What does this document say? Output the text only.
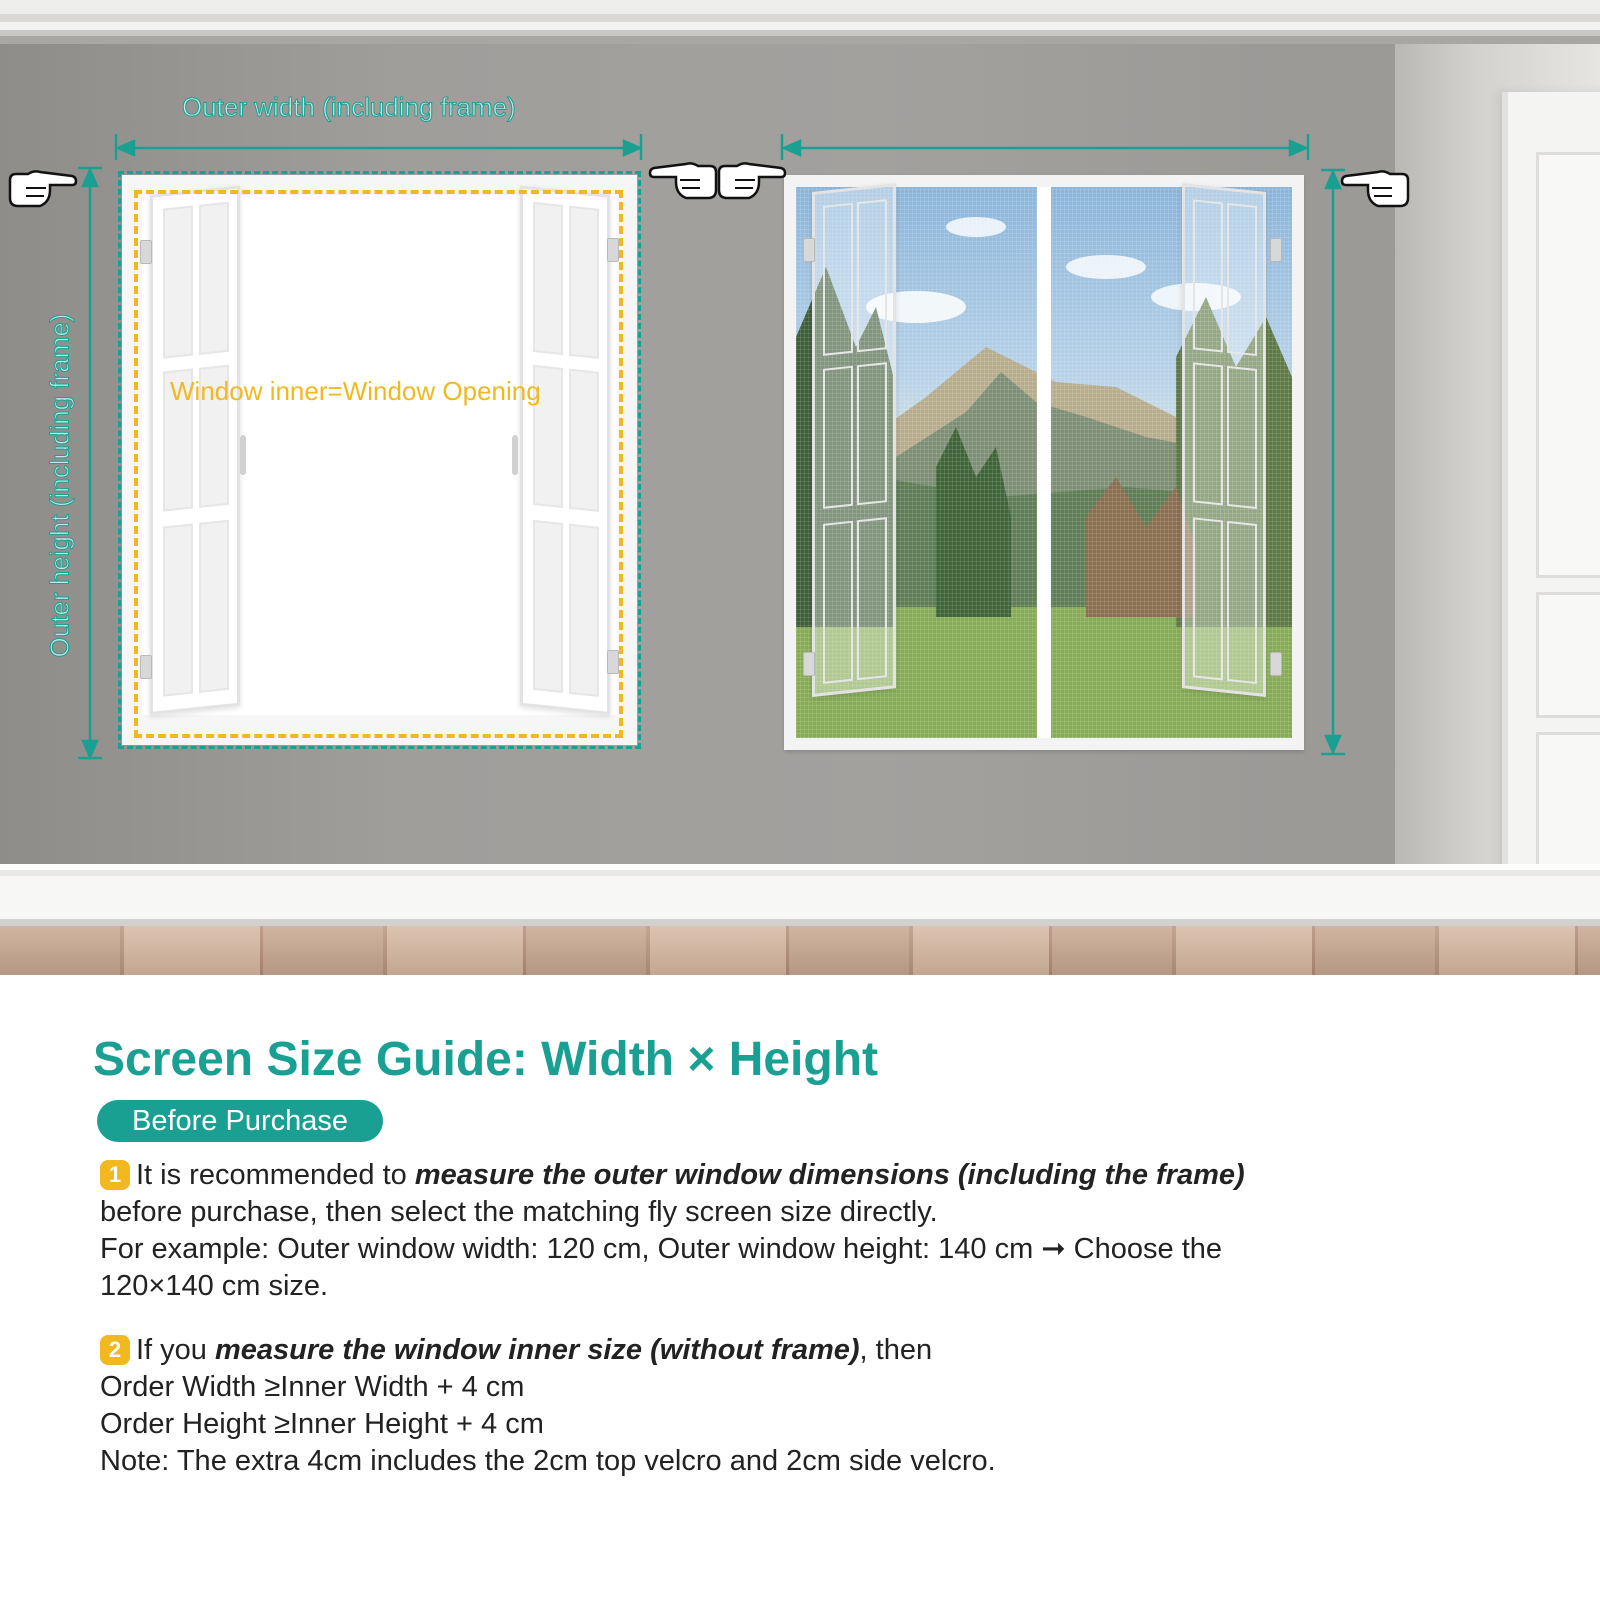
Window inner=Window Opening
Outer width (including frame)
Outer height (including frame)
Screen Size Guide: Width × Height
Before Purchase
1 It is recommended to measure the outer window dimensions (including the frame)
before purchase, then select the matching fly screen size directly.
For example: Outer window width: 120 cm, Outer window height: 140 cm ➞ Choose the
120×140 cm size.
2 If you measure the window inner size (without frame), then
Order Width ≥Inner Width + 4 cm
Order Height ≥Inner Height + 4 cm
Note: The extra 4cm includes the 2cm top velcro and 2cm side velcro.
